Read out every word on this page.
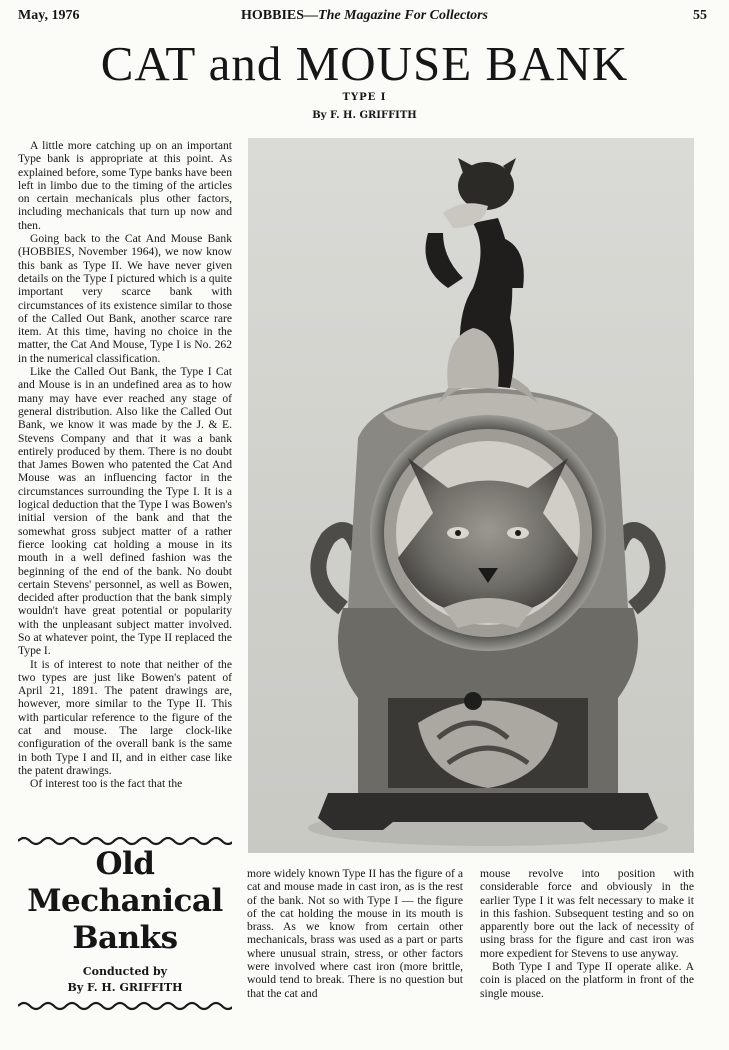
May, 1976	HOBBIES—The Magazine For Collectors	55
CAT and MOUSE BANK
TYPE I
By F. H. GRIFFITH

A little more catching up on an important Type bank is appropriate at this point. As explained before, some Type banks have been left in limbo due to the timing of the articles on certain mechanicals plus other factors, including mechanicals that turn up now and then.

Going back to the Cat And Mouse Bank (HOBBIES, November 1964), we now know this bank as Type II. We have never given details on the Type I pictured which is a quite important very scarce bank with circumstances of its existence similar to those of the Called Out Bank, another scarce rare item. At this time, having no choice in the matter, the Cat And Mouse, Type I is No. 262 in the numerical classification.

Like the Called Out Bank, the Type I Cat and Mouse is in an undefined area as to how many may have ever reached any stage of general distribution. Also like the Called Out Bank, we know it was made by the J. & E. Stevens Company and that it was a bank entirely produced by them. There is no doubt that James Bowen who patented the Cat And Mouse was an influencing factor in the circumstances surrounding the Type I. It is a logical deduction that the Type I was Bowen's initial version of the bank and that the somewhat gross subject matter of a rather fierce looking cat holding a mouse in its mouth in a well defined fashion was the beginning of the end of the bank. No doubt certain Stevens' personnel, as well as Bowen, decided after production that the bank simply wouldn't have great potential or popularity with the unpleasant subject matter involved. So at whatever point, the Type II replaced the Type I.

It is of interest to note that neither of the two types are just like Bowen's patent of April 21, 1891. The patent drawings are, however, more similar to the Type II. This with particular reference to the figure of the cat and mouse. The large clock-like configuration of the overall bank is the same in both Type I and II, and in either case like the patent drawings.

Of interest too is the fact that the

Old
Mechanical
Banks
Conducted by
By F. H. GRIFFITH

more widely known Type II has the figure of a cat and mouse made in cast iron, as is the rest of the bank. Not so with Type I — the figure of the cat holding the mouse in its mouth is brass. As we know from certain other mechanicals, brass was used as a part or parts where unusual strain, stress, or other factors were involved where cast iron (more brittle, would tend to break. There is no question but that the cat and

mouse revolve into position with considerable force and obviously in the earlier Type I it was felt necessary to make it in this fashion. Subsequent testing and so on apparently bore out the lack of necessity of using brass for the figure and cast iron was more expedient for Stevens to use anyway.

Both Type I and Type II operate alike. A coin is placed on the platform in front of the single mouse.
